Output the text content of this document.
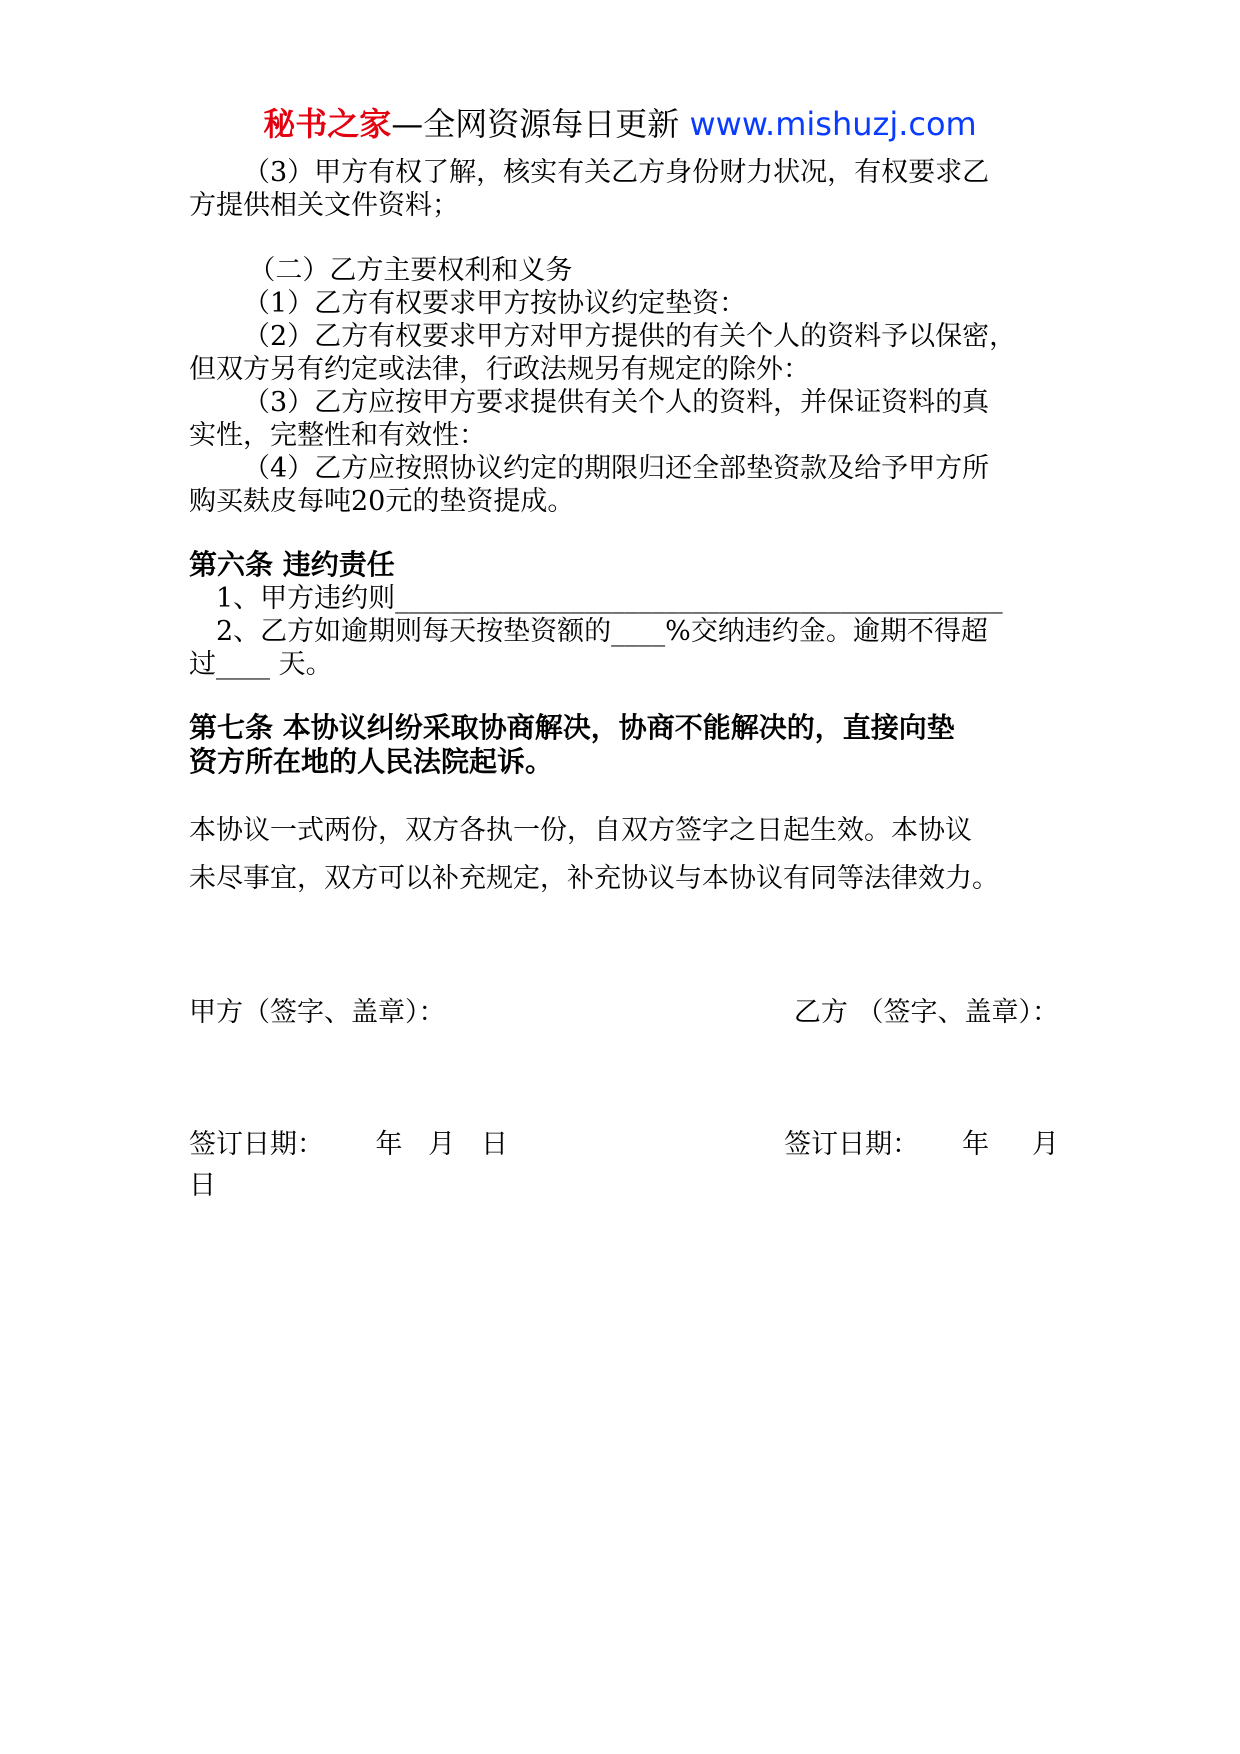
秘书之家—全网资源每日更新 www.mishuzj.com

（3）甲方有权了解，核实有关乙方身份财力状况，有权要求乙

方提供相关文件资料；

（二）乙方主要权利和义务

（1）乙方有权要求甲方按协议约定垫资：

（2）乙方有权要求甲方对甲方提供的有关个人的资料予以保密，

但双方另有约定或法律，行政法规另有规定的除外：

（3）乙方应按甲方要求提供有关个人的资料，并保证资料的真

实性，完整性和有效性：

（4）乙方应按照协议约定的期限归还全部垫资款及给予甲方所

购买麸皮每吨20元的垫资提成。

第六条 违约责任

1、甲方违约则_____________________________________________

2、乙方如逾期则每天按垫资额的____%交纳违约金。逾期不得超

过____ 天。

第七条 本协议纠纷采取协商解决，协商不能解决的，直接向垫

资方所在地的人民法院起诉。

本协议一式两份，双方各执一份，自双方签字之日起生效。本协议

未尽事宜，双方可以补充规定，补充协议与本协议有同等法律效力。

甲方（签字、盖章）：	乙方 （签字、盖章）：
签订日期：      年   月   日	签订日期：     年     月

日
